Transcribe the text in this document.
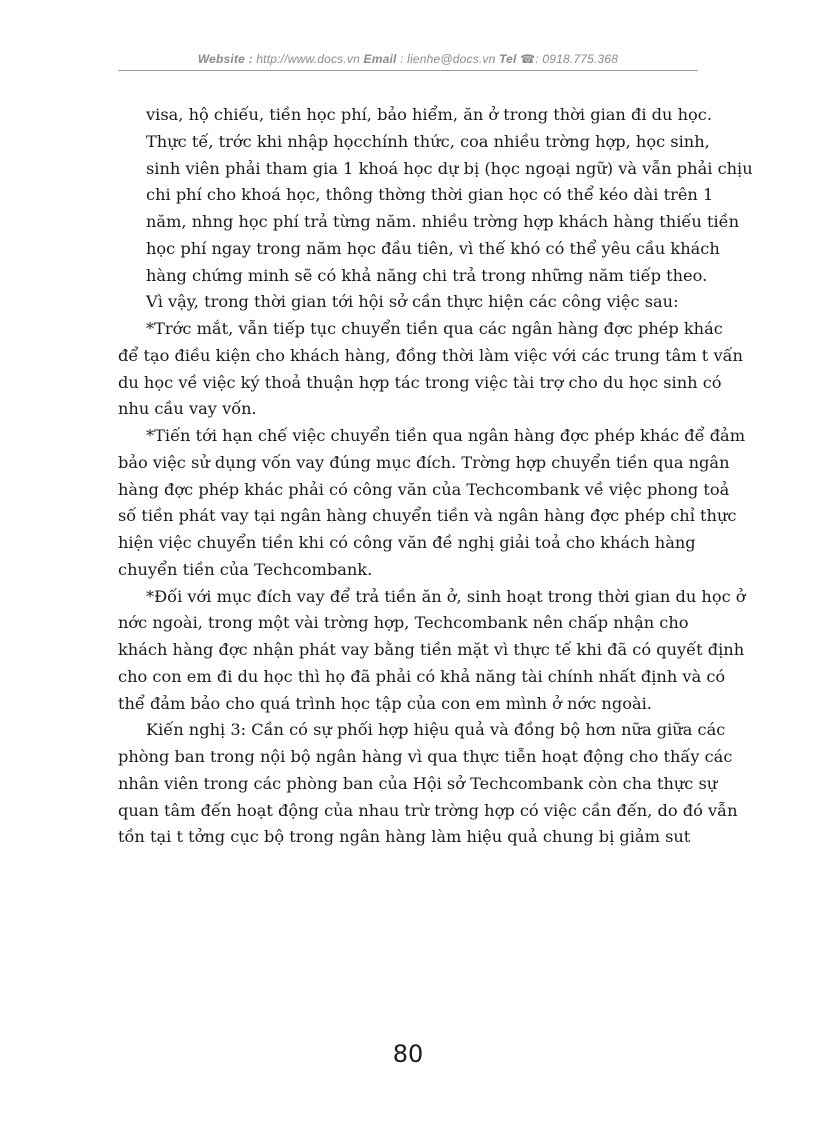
Website : http://www.docs.vn Email : lienhe@docs.vn Tel ☎: 0918.775.368
visa, hộ chiếu, tiền học phí, bảo hiểm, ăn ở trong thời gian đi du học.
Thực tế, trớc khi nhập họcchính thức, coa nhiều trờng hợp, học sinh,
sinh viên phải tham gia 1 khoá học dự bị (học ngoại ngữ) và vẫn phải chịu
chi phí cho khoá học, thông thờng thời gian học có thể kéo dài trên 1
năm, nhng học phí trả từng năm. nhiều trờng hợp khách hàng thiếu tiền
học phí ngay trong năm học đầu tiên, vì thế khó có thể yêu cầu khách
hàng chứng minh sẽ có khả năng chi trả trong những năm tiếp theo.
Vì vậy, trong thời gian tới hội sở cần thực hiện các công việc sau:
*Trớc mắt, vẫn tiếp tục chuyển tiền qua các ngân hàng đợc phép khác
để tạo điều kiện cho khách hàng, đồng thời làm việc với các trung tâm t vấn
du học về việc ký thoả thuận hợp tác trong việc tài trợ cho du học sinh có
nhu cầu vay vốn.
*Tiến tới hạn chế việc chuyển tiền qua ngân hàng đợc phép khác để đảm
bảo việc sử dụng vốn vay đúng mục đích. Trờng hợp chuyển tiền qua ngân
hàng đợc phép khác phải có công văn của Techcombank về việc phong toả
số tiền phát vay tại ngân hàng chuyển tiền và ngân hàng đợc phép chỉ thực
hiện việc chuyển tiền khi có công văn đề nghị giải toả cho khách hàng
chuyển tiền của Techcombank.
*Đối với mục đích vay để trả tiền ăn ở, sinh hoạt trong thời gian du học ở
nớc ngoài, trong một vài trờng hợp, Techcombank nên chấp nhận cho
khách hàng đợc nhận phát vay bằng tiền mặt vì thực tế khi đã có quyết định
cho con em đi du học thì họ đã phải có khả năng tài chính nhất định và có
thể đảm bảo cho quá trình học tập của con em mình ở nớc ngoài.
Kiến nghị 3: Cần có sự phối hợp hiệu quả và đồng bộ hơn nữa giữa các
phòng ban trong nội bộ ngân hàng vì qua thực tiễn hoạt động cho thấy các
nhân viên trong các phòng ban của Hội sở Techcombank còn cha thực sự
quan tâm đến hoạt động của nhau trừ trờng hợp có việc cần đến, do đó vẫn
tồn tại t tởng cục bộ trong ngân hàng làm hiệu quả chung bị giảm sut
80
